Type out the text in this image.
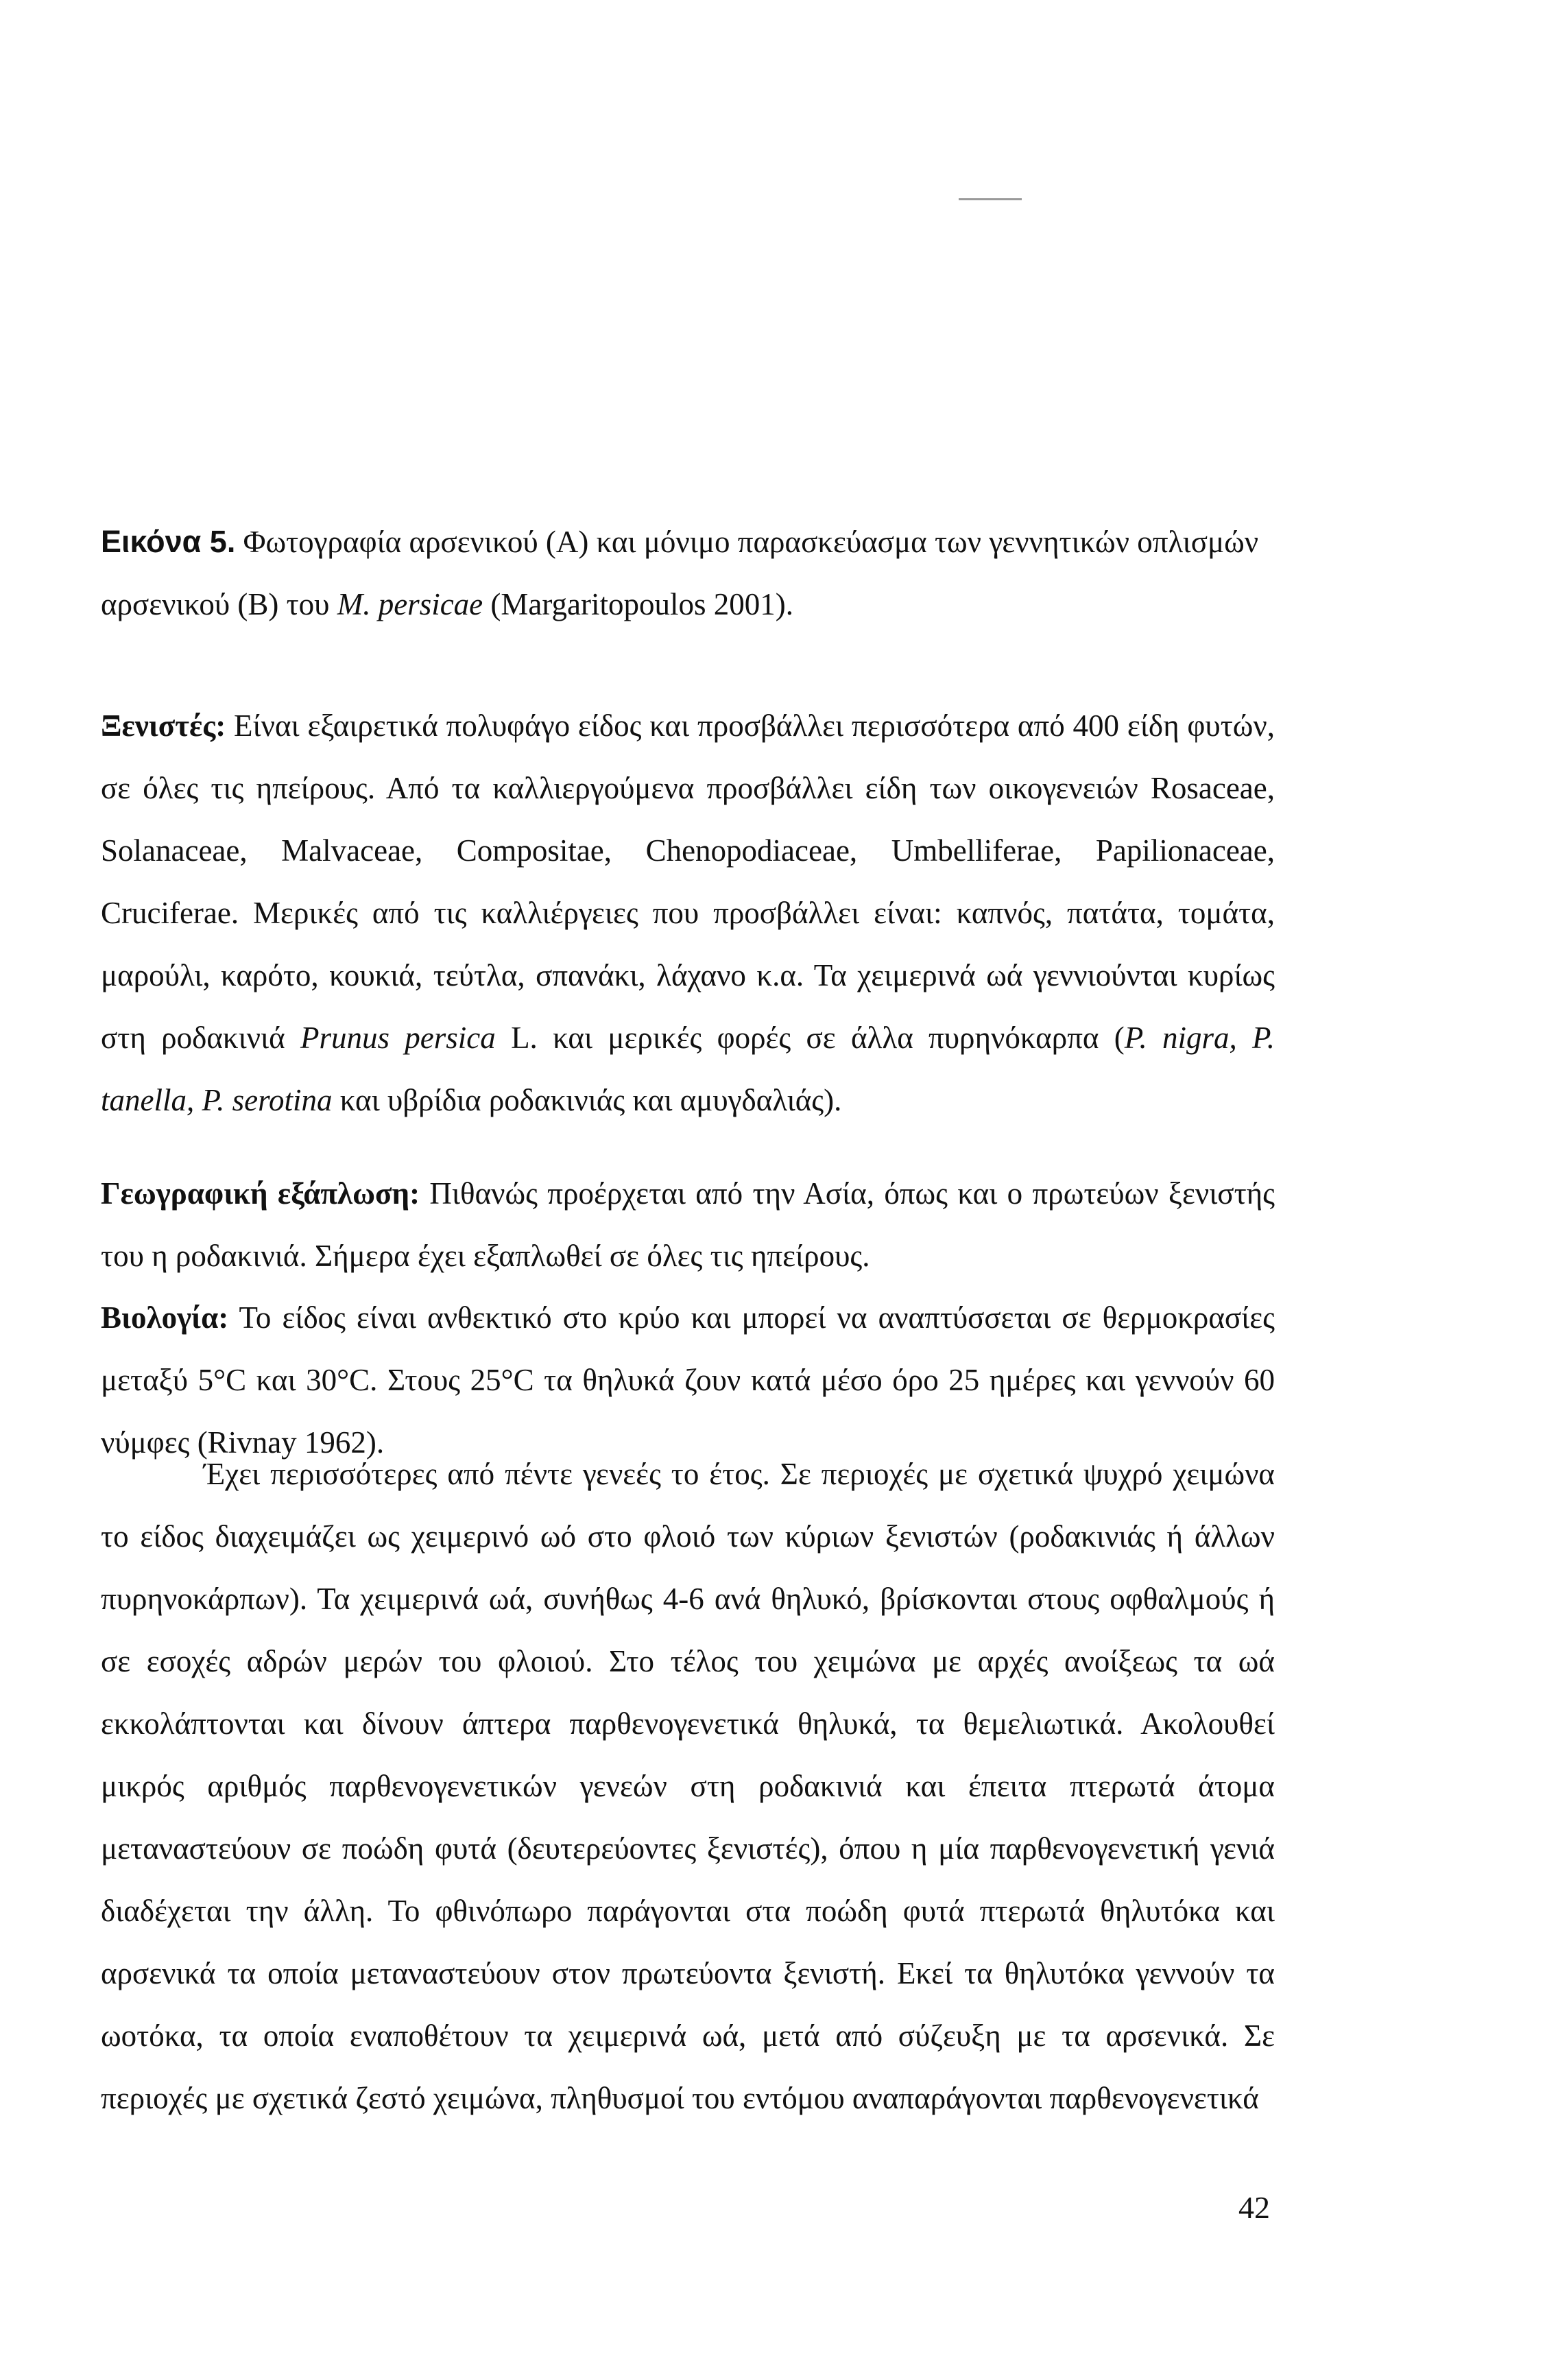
Εικόνα 5. Φωτογραφία αρσενικού (Α) και μόνιμο παρασκεύασμα των γεννητικών οπλισμών αρσενικού (Β) του M. persicae (Margaritopoulos 2001).
Ξενιστές: Είναι εξαιρετικά πολυφάγο είδος και προσβάλλει περισσότερα από 400 είδη φυτών, σε όλες τις ηπείρους. Από τα καλλιεργούμενα προσβάλλει είδη των οικογενειών Rosaceae, Solanaceae, Malvaceae, Compositae, Chenopodiaceae, Umbelliferae, Papilionaceae, Cruciferae. Μερικές από τις καλλιέργειες που προσβάλλει είναι: καπνός, πατάτα, τομάτα, μαρούλι, καρότο, κουκιά, τεύτλα, σπανάκι, λάχανο κ.α. Τα χειμερινά ωά γεννιούνται κυρίως στη ροδακινιά Prunus persica L. και μερικές φορές σε άλλα πυρηνόκαρπα (P. nigra, P. tanella, P. serotina και υβρίδια ροδακινιάς και αμυγδαλιάς).
Γεωγραφική εξάπλωση: Πιθανώς προέρχεται από την Ασία, όπως και ο πρωτεύων ξενιστής του η ροδακινιά. Σήμερα έχει εξαπλωθεί σε όλες τις ηπείρους.
Βιολογία: Το είδος είναι ανθεκτικό στο κρύο και μπορεί να αναπτύσσεται σε θερμοκρασίες μεταξύ 5°C και 30°C. Στους 25°C τα θηλυκά ζουν κατά μέσο όρο 25 ημέρες και γεννούν 60 νύμφες (Rivnay 1962).
Έχει περισσότερες από πέντε γενεές το έτος. Σε περιοχές με σχετικά ψυχρό χειμώνα το είδος διαχειμάζει ως χειμερινό ωό στο φλοιό των κύριων ξενιστών (ροδακινιάς ή άλλων πυρηνοκάρπων). Τα χειμερινά ωά, συνήθως 4-6 ανά θηλυκό, βρίσκονται στους οφθαλμούς ή σε εσοχές αδρών μερών του φλοιού. Στο τέλος του χειμώνα με αρχές ανοίξεως τα ωά εκκολάπτονται και δίνουν άπτερα παρθενογενετικά θηλυκά, τα θεμελιωτικά. Ακολουθεί μικρός αριθμός παρθενογενετικών γενεών στη ροδακινιά και έπειτα πτερωτά άτομα μεταναστεύουν σε ποώδη φυτά (δευτερεύοντες ξενιστές), όπου η μία παρθενογενετική γενιά διαδέχεται την άλλη. Το φθινόπωρο παράγονται στα ποώδη φυτά πτερωτά θηλυτόκα και αρσενικά τα οποία μεταναστεύουν στον πρωτεύοντα ξενιστή. Εκεί τα θηλυτόκα γεννούν τα ωοτόκα, τα οποία εναποθέτουν τα χειμερινά ωά, μετά από σύζευξη με τα αρσενικά. Σε περιοχές με σχετικά ζεστό χειμώνα, πληθυσμοί του εντόμου αναπαράγονται παρθενογενετικά
42
